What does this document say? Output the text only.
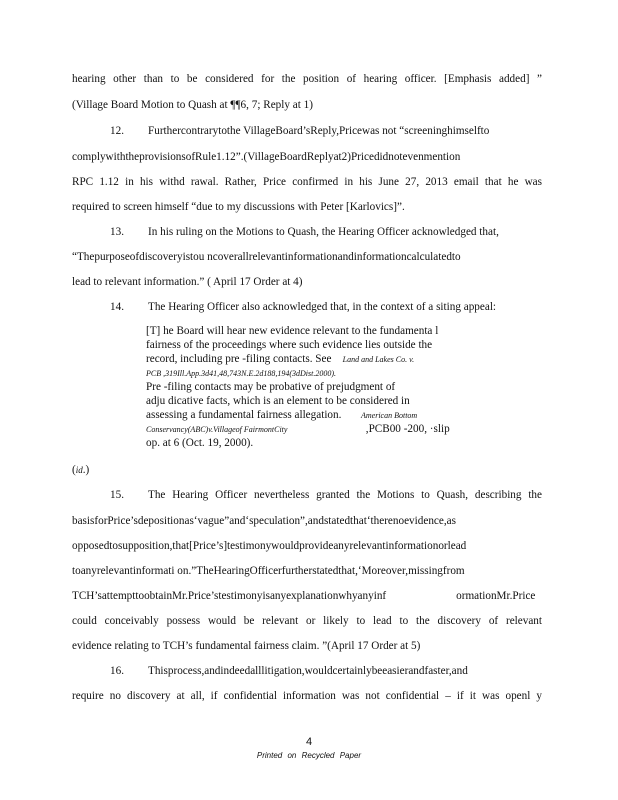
hearing other than to be considered for the position of hearing officer. [Emphasis added] ”
(Village Board Motion to Quash at ¶¶6, 7; Reply at 1)
12. Furthercontrarytothe VillageBoard’sReply,Pricewas not “screeninghimselfto
complywiththeprovisionsofRule1.12”.(VillageBoardReplyat2)Pricedidnotevenmention
RPC 1.12 in his withd rawal. Rather, Price confirmed in his June 27, 2013 email that he was
required to screen himself “due to my discussions with Peter [Karlovics]”.
13. In his ruling on the Motions to Quash, the Hearing Officer acknowledged that,
“Thepurposeofdiscoveryistou ncoverallrelevantinformationandinformationcalculatedto
lead to relevant information.” ( April 17 Order at 4)
14. The Hearing Officer also acknowledged that, in the context of a siting appeal:
[T] he Board will hear new evidence relevant to the fundamenta l
fairness of the proceedings where such evidence lies outside the
record, including pre -filing contacts. See Land and Lakes Co. v.
PCB ,319Ill.App.3d41,48,743N.E.2d188,194(3dDist.2000).
Pre -filing contacts may be probative of prejudgment of
adju dicative facts, which is an element to be considered in
assessing a fundamental fairness allegation. American Bottom
Conservancy(ABC)v.Villageof FairmontCity	,PCB00 -200, ·slip
op. at 6 (Oct. 19, 2000).
(id.)
15. The Hearing Officer nevertheless granted the Motions to Quash, describing the
basisforPrice’sdepositionas‘vague”and‘speculation”,andstatedthat‘therenoevidence,as
opposedtosupposition,that[Price’s]testimonywouldprovideanyrelevantinformationorlead
toanyrelevantinformati on.”TheHearingOfficerfurtherstatedthat,‘Moreover,missingfrom
TCH’sattempttoobtainMr.Price’stestimonyisanyexplanationwhyanyinf	ormationMr.Price
could conceivably possess would be relevant or likely to lead to the discovery of relevant
evidence relating to TCH’s fundamental fairness claim. ”(April 17 Order at 5)
16. Thisprocess,andindeedalllitigation,wouldcertainlybeeasierandfaster,and
require no discovery at all, if confidential information was not confidential – if it was openl y
4
Printed on Recycled Paper
